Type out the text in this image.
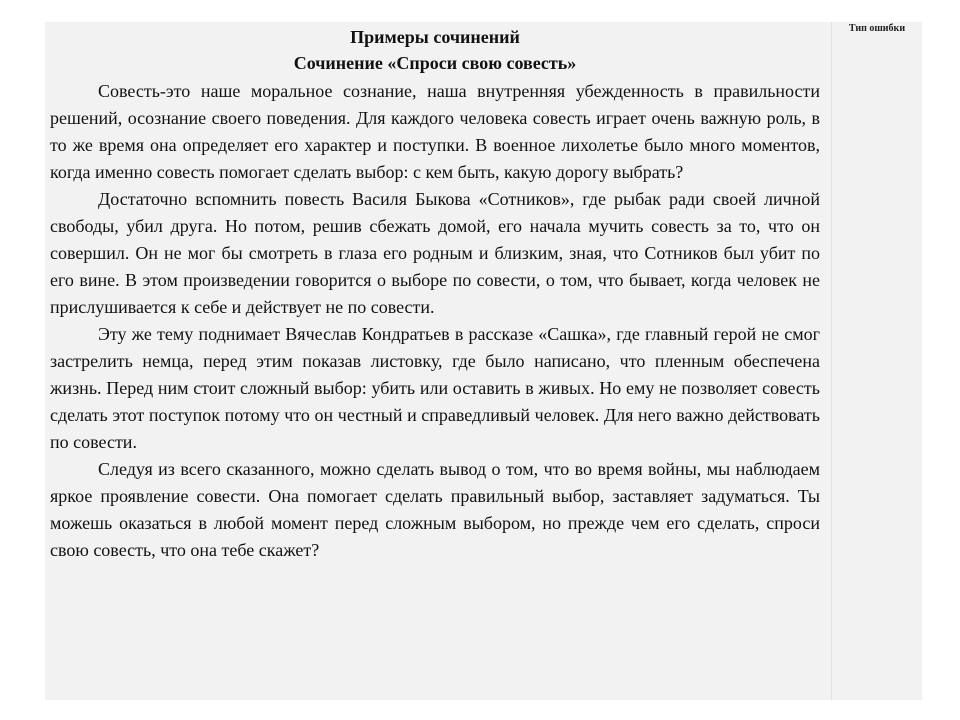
Тип ошибки
Примеры сочинений
Сочинение «Спроси свою совесть»

Совесть-это наше моральное сознание, наша внутренняя убежденность в правильности решений, осознание своего поведения. Для каждого человека совесть играет очень важную роль, в то же время она определяет его характер и поступки. В военное лихолетье было много моментов, когда именно совесть помогает сделать выбор: с кем быть, какую дорогу выбрать?

Достаточно вспомнить повесть Василя Быкова «Сотников», где рыбак ради своей личной свободы, убил друга. Но потом, решив сбежать домой, его начала мучить совесть за то, что он совершил. Он не мог бы смотреть в глаза его родным и близким, зная, что Сотников был убит по его вине. В этом произведении говорится о выборе по совести, о том, что бывает, когда человек не прислушивается к себе и действует не по совести.

Эту же тему поднимает Вячеслав Кондратьев в рассказе «Сашка», где главный герой не смог застрелить немца, перед этим показав листовку, где было написано, что пленным обеспечена жизнь. Перед ним стоит сложный выбор: убить или оставить в живых. Но ему не позволяет совесть сделать этот поступок потому что он честный и справедливый человек. Для него важно действовать по совести.

Следуя из всего сказанного, можно сделать вывод о том, что во время войны, мы наблюдаем яркое проявление совести. Она помогает сделать правильный выбор, заставляет задуматься. Ты можешь оказаться в любой момент перед сложным выбором, но прежде чем его сделать, спроси свою совесть, что она тебе скажет?
